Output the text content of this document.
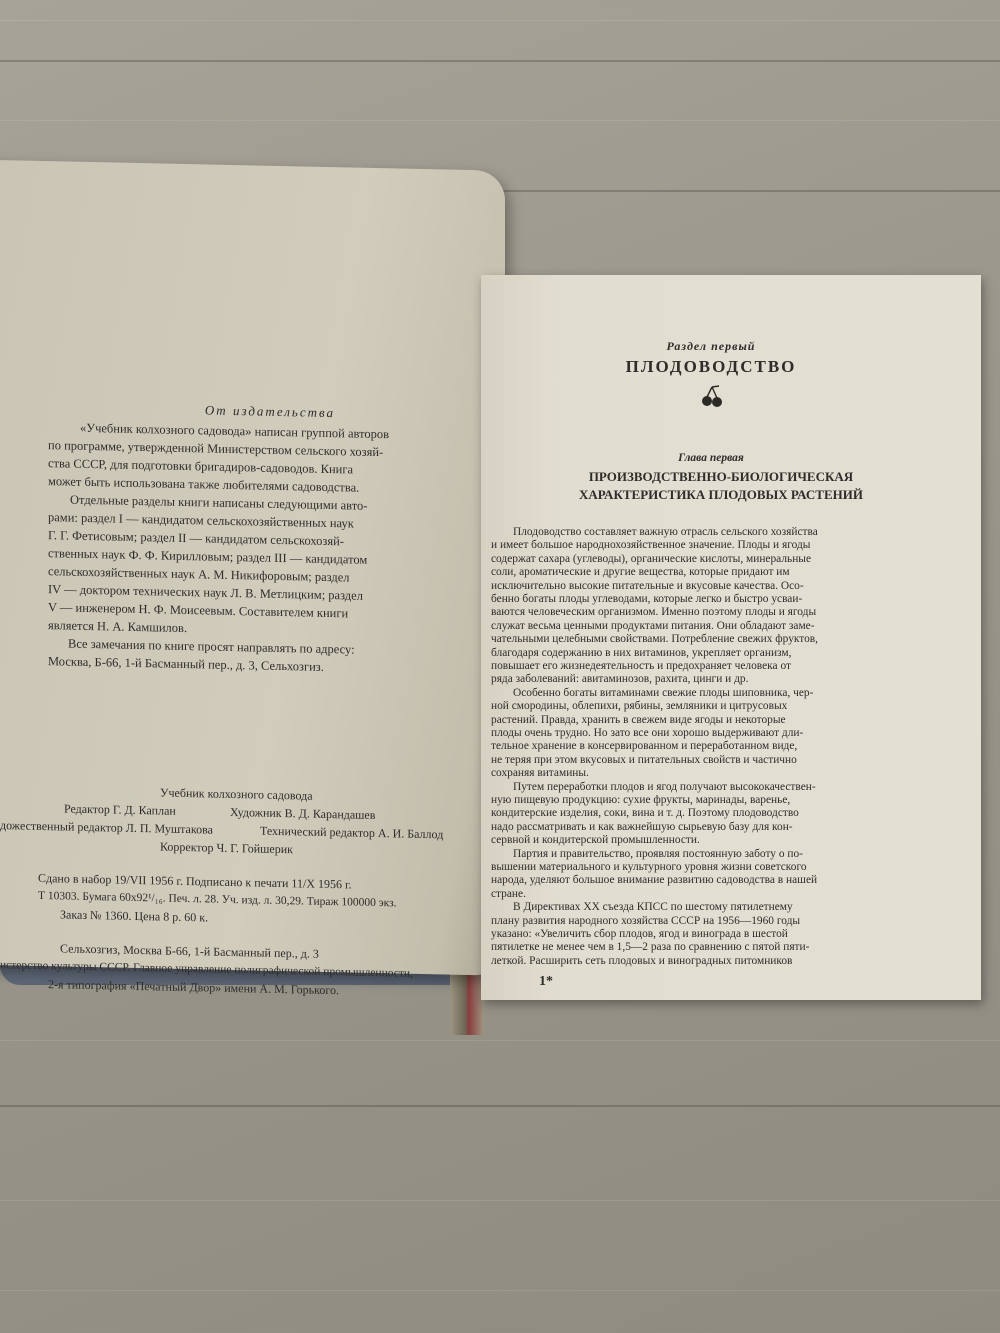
От издательства
«Учебник колхозного садовода» написан группой авторов
по программе, утвержденной Министерством сельского хозяй-
ства СССР, для подготовки бригадиров-садоводов. Книга
может быть использована также любителями садоводства.
Отдельные разделы книги написаны следующими авто-
рами: раздел I — кандидатом сельскохозяйственных наук
Г. Г. Фетисовым; раздел II — кандидатом сельскохозяй-
ственных наук Ф. Ф. Кирилловым; раздел III — кандидатом
сельскохозяйственных наук А. М. Никифоровым; раздел
IV — доктором технических наук Л. В. Метлицким; раздел
V — инженером Н. Ф. Моисеевым. Составителем книги
является Н. А. Камшилов.
Все замечания по книге просят направлять по адресу:
Москва, Б-66, 1-й Басманный пер., д. 3, Сельхозгиз.
Учебник колхозного садовода
Редактор Г. Д. Каплан	Художник В. Д. Карандашев
дожественный редактор Л. П. Муштакова	Технический редактор А. И. Баллод
Корректор Ч. Г. Гойшерик
Сдано в набор 19/VII 1956 г. Подписано к печати 11/X 1956 г.
Т 10303. Бумага 60x92¹/₁₆. Печ. л. 28. Уч. изд. л. 30,29. Тираж 100000 экз.
Заказ № 1360. Цена 8 р. 60 к.
Сельхозгиз, Москва Б-66, 1-й Басманный пер., д. 3
истерство культуры СССР. Главное управление полиграфической промышленности,
2-я типография «Печатный Двор» имени А. М. Горького.
Раздел первый
ПЛОДОВОДСТВО
Глава первая
ПРОИЗВОДСТВЕННО-БИОЛОГИЧЕСКАЯ
ХАРАКТЕРИСТИКА ПЛОДОВЫХ РАСТЕНИЙ
Плодоводство составляет важную отрасль сельского хозяйства
и имеет большое народнохозяйственное значение. Плоды и ягоды
содержат сахара (углеводы), органические кислоты, минеральные
соли, ароматические и другие вещества, которые придают им
исключительно высокие питательные и вкусовые качества. Осо-
бенно богаты плоды углеводами, которые легко и быстро усваи-
ваются человеческим организмом. Именно поэтому плоды и ягоды
служат весьма ценными продуктами питания. Они обладают заме-
чательными целебными свойствами. Потребление свежих фруктов,
благодаря содержанию в них витаминов, укрепляет организм,
повышает его жизнедеятельность и предохраняет человека от
ряда заболеваний: авитаминозов, рахита, цинги и др.
Особенно богаты витаминами свежие плоды шиповника, чер-
ной смородины, облепихи, рябины, земляники и цитрусовых
растений. Правда, хранить в свежем виде ягоды и некоторые
плоды очень трудно. Но зато все они хорошо выдерживают дли-
тельное хранение в консервированном и переработанном виде,
не теряя при этом вкусовых и питательных свойств и частично
сохраняя витамины.
Путем переработки плодов и ягод получают высококачествен-
ную пищевую продукцию: сухие фрукты, маринады, варенье,
кондитерские изделия, соки, вина и т. д. Поэтому плодоводство
надо рассматривать и как важнейшую сырьевую базу для кон-
сервной и кондитерской промышленности.
Партия и правительство, проявляя постоянную заботу о по-
вышении материального и культурного уровня жизни советского
народа, уделяют большое внимание развитию садоводства в нашей
стране.
В Директивах XX съезда КПСС по шестому пятилетнему
плану развития народного хозяйства СССР на 1956—1960 годы
указано: «Увеличить сбор плодов, ягод и винограда в шестой
пятилетке не менее чем в 1,5—2 раза по сравнению с пятой пяти-
леткой. Расширить сеть плодовых и виноградных питомников
1*
